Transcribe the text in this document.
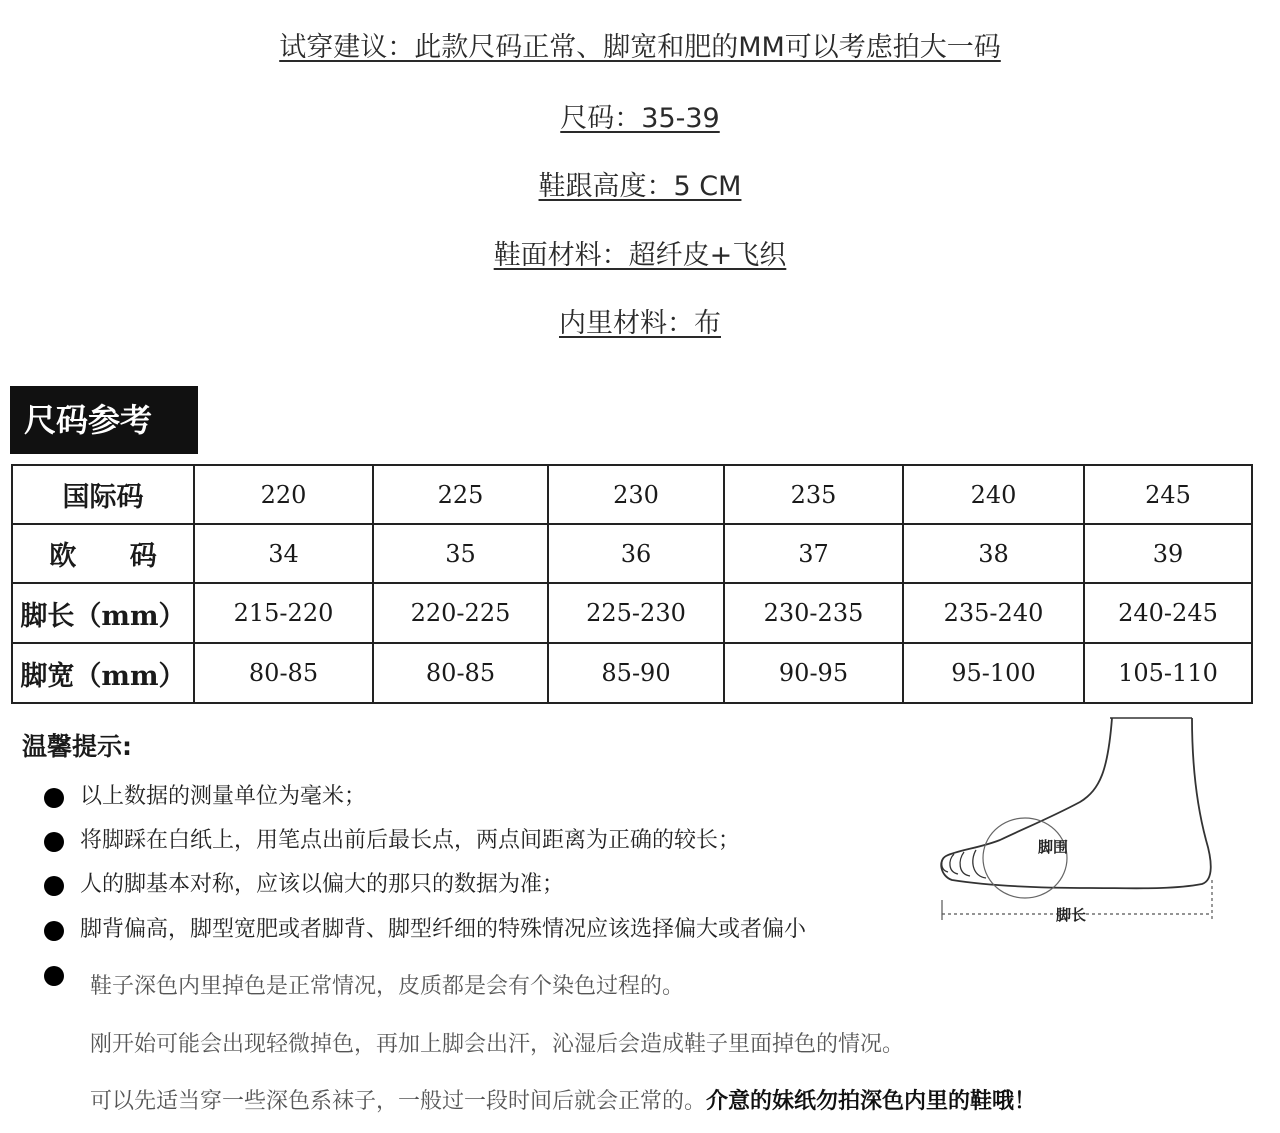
试穿建议：此款尺码正常、脚宽和肥的MM可以考虑拍大一码
尺码：35-39
鞋跟高度：5 CM
鞋面材料：超纤皮+飞织
内里材料：布
尺码参考
国际码	220	225	230	235	240	245
欧 码	34	35	36	37	38	39
脚长（mm）	215-220	220-225	225-230	230-235	235-240	240-245
脚宽（mm）	80-85	80-85	85-90	90-95	95-100	105-110
温馨提示:
以上数据的测量单位为毫米；
将脚踩在白纸上，用笔点出前后最长点，两点间距离为正确的较长；
人的脚基本对称，应该以偏大的那只的数据为准；
脚背偏高，脚型宽肥或者脚背、脚型纤细的特殊情况应该选择偏大或者偏小
鞋子深色内里掉色是正常情况，皮质都是会有个染色过程的。
刚开始可能会出现轻微掉色，再加上脚会出汗，沁湿后会造成鞋子里面掉色的情况。
可以先适当穿一些深色系袜子，一般过一段时间后就会正常的。介意的妹纸勿拍深色内里的鞋哦！
脚围
脚长
